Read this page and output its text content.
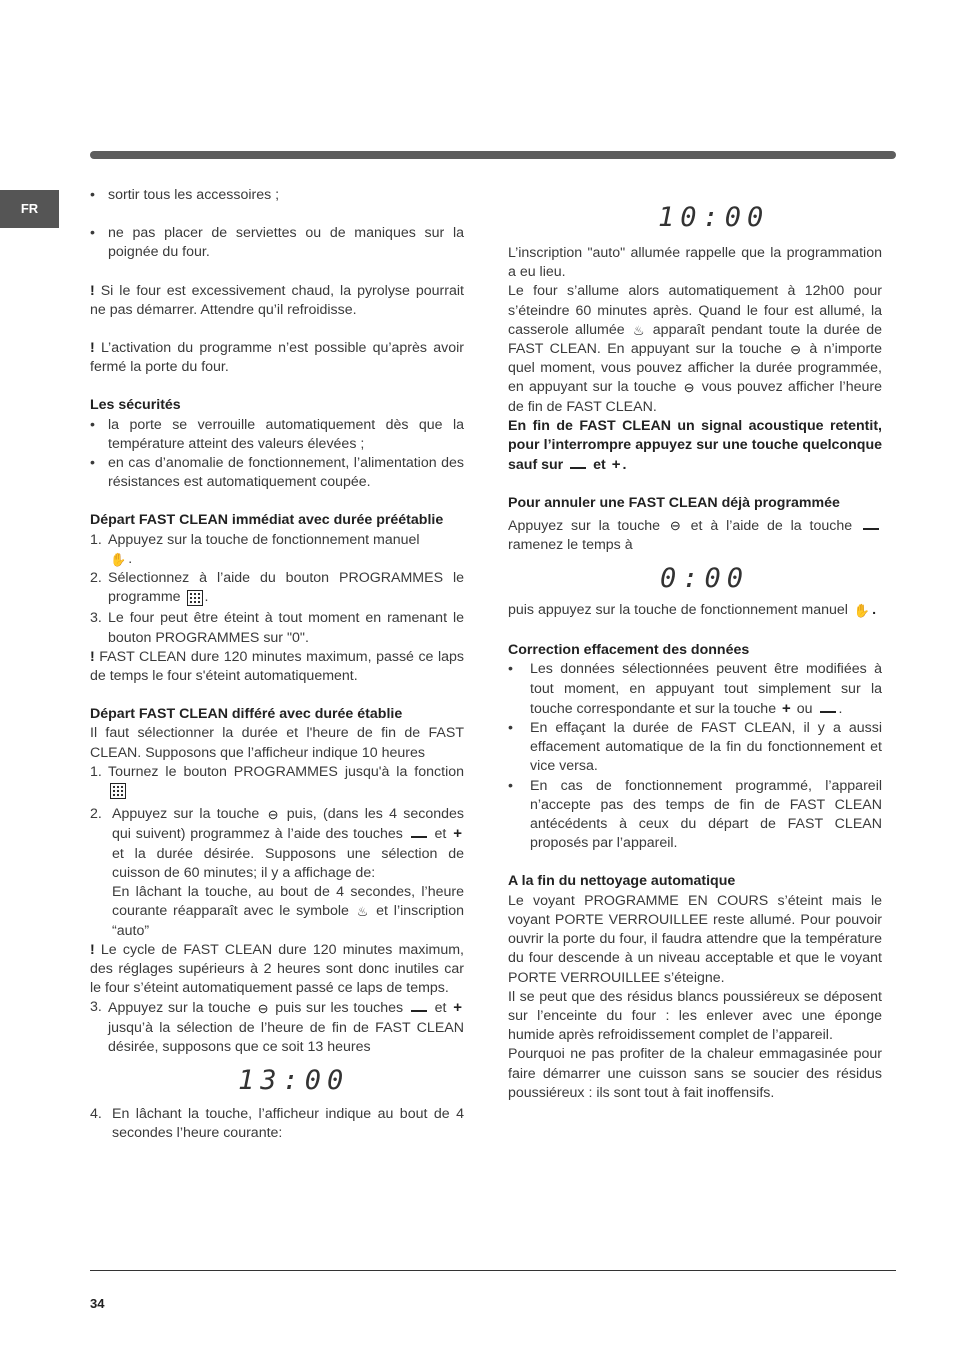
FR
• sortir tous les accessoires ;
• ne pas placer de serviettes ou de maniques sur la poignée du four.

! Si le four est excessivement chaud, la pyrolyse pourrait ne pas démarrer. Attendre qu’il refroidisse.

! L’activation du programme n’est possible qu’après avoir fermé la porte du four.

Les sécurités

• la porte se verrouille automatiquement dès que la température atteint des valeurs élevées ;
• en cas d’anomalie de fonctionnement, l’alimentation des résistances est automatiquement coupée.

Départ FAST CLEAN immédiat avec durée préétablie

1. Appuyez sur la touche de fonctionnement manuel
✋ .
2. Sélectionnez à l’aide du bouton PROGRAMMES le programme .
3. Le four peut être éteint à tout moment en ramenant le bouton PROGRAMMES sur "0".

! FAST CLEAN dure 120 minutes maximum, passé ce laps de temps le four s'éteint automatiquement.

Départ FAST CLEAN différé avec durée établie

Il faut sélectionner la durée et l'heure de fin de FAST CLEAN. Supposons que l’afficheur indique 10 heures

1. Tournez le bouton PROGRAMMES jusqu'à la fonction
2. Appuyez sur la touche ⊖ puis, (dans les 4 secondes qui suivent) programmez à l’aide des touches et + et la durée désirée. Supposons une sélection de cuisson de 60 minutes; il y a affichage de:
En lâchant la touche, au bout de 4 secondes, l’heure courante réapparaît avec le symbole ♨ et l’inscription “auto”

! Le cycle de FAST CLEAN dure 120 minutes maximum, des réglages supérieurs à 2 heures sont donc inutiles car le four s’éteint automatiquement passé ce laps de temps.

3. Appuyez sur la touche ⊖ puis sur les touches et + jusqu’à la sélection de l’heure de fin de FAST CLEAN désirée, supposons que ce soit 13 heures
13:00
4. En lâchant la touche, l’afficheur indique au bout de 4 secondes l’heure courante:
10:00

L’inscription "auto" allumée rappelle que la programmation a eu lieu.

Le four s’allume alors automatiquement à 12h00 pour s’éteindre 60 minutes après. Quand le four est allumé, la casserole allumée ♨ apparaît pendant toute la durée de FAST CLEAN. En appuyant sur la touche ⊖ à n’importe quel moment, vous pouvez afficher la durée programmée, en appuyant sur la touche ⊖ vous pouvez afficher l’heure de fin de FAST CLEAN.

En fin de FAST CLEAN un signal acoustique retentit, pour l’interrompre appuyez sur une touche quelconque sauf sur et + .

Pour annuler une FAST CLEAN déjà programmée

Appuyez sur la touche ⊖ et à l’aide de la touche  ramenez le temps à

0:00

puis appuyez sur la touche de fonctionnement manuel ✋ .

Correction effacement des données

• Les données sélectionnées peuvent être modifiées à tout moment, en appuyant tout simplement sur la touche correspondante et sur la touche + ou .
• En effaçant la durée de FAST CLEAN, il y a aussi effacement automatique de la fin du fonctionnement et vice versa.
• En cas de fonctionnement programmé, l’appareil n’accepte pas des temps de fin de FAST CLEAN antécédents à ceux du départ de FAST CLEAN proposés par l’appareil.

A la fin du nettoyage automatique

Le voyant PROGRAMME EN COURS s’éteint mais le voyant PORTE VERROUILLEE reste allumé. Pour pouvoir ouvrir la porte du four, il faudra attendre que la température du four descende à un niveau acceptable et que le voyant PORTE VERROUILLEE s’éteigne.

Il se peut que des résidus blancs poussiéreux se déposent sur l’enceinte du four : les enlever avec une éponge humide après refroidissement complet de l’appareil.

Pourquoi ne pas profiter de la chaleur emmagasinée pour faire démarrer une cuisson sans se soucier des résidus poussiéreux : ils sont tout à fait inoffensifs.

34
